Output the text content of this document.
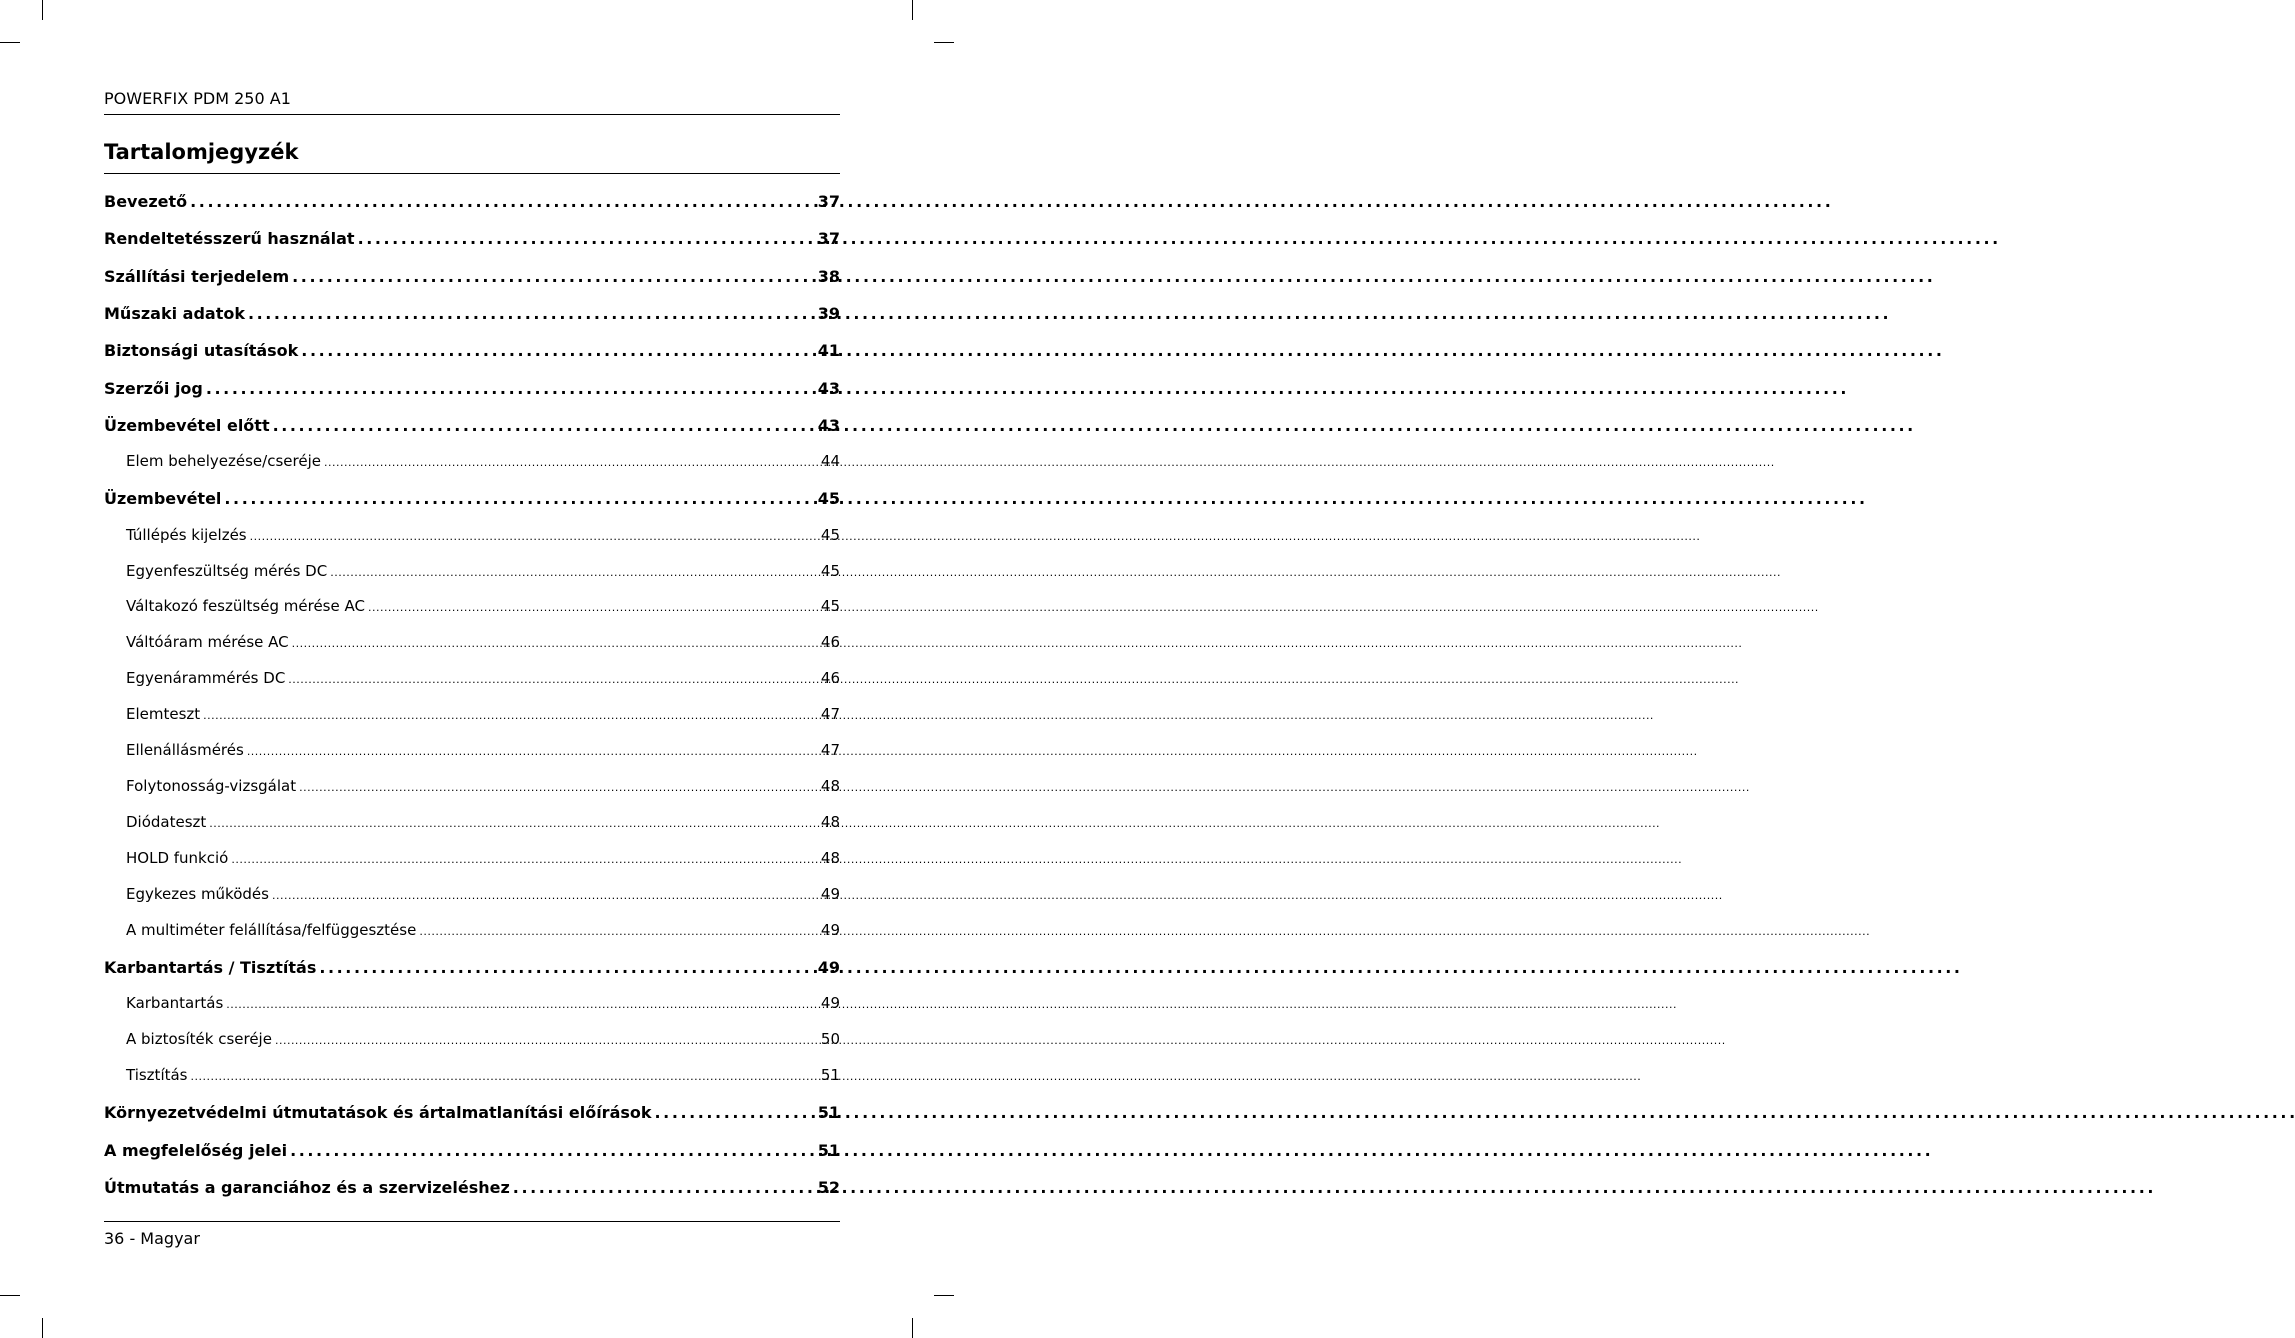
POWERFIX PDM 250 A1
Tartalomjegyzék
Bevezető . . .	37
Rendeltetésszerű használat . . .	37
Szállítási terjedelem . . .	38
Műszaki adatok . . .	39
Biztonsági utasítások . . .	41
Szerzői jog . . .	43
Üzembevétel előtt . . .	43
Elem behelyezése/cseréje .....	44
Üzembevétel . . .	45
Túllépés kijelzés .....	45
Egyenfeszültség mérés DC .....	45
Váltakozó feszültség mérése AC .....	45
Váltóáram mérése AC .....	46
Egyenárammérés DC .....	46
Elemteszt .....	47
Ellenállásmérés .....	47
Folytonosság-vizsgálat .....	48
Diódateszt .....	48
HOLD funkció .....	48
Egykezes működés .....	49
A multiméter felállítása/felfüggesztése .....	49
Karbantartás / Tisztítás . . .	49
Karbantartás .....	49
A biztosíték cseréje .....	50
Tisztítás .....	51
Környezetvédelmi útmutatások és ártalmatlanítási előírások . . .	51
A megfelelőség jelei . . .	51
Útmutatás a garanciához és a szervizeléshez . . .	52
36 - Magyar
